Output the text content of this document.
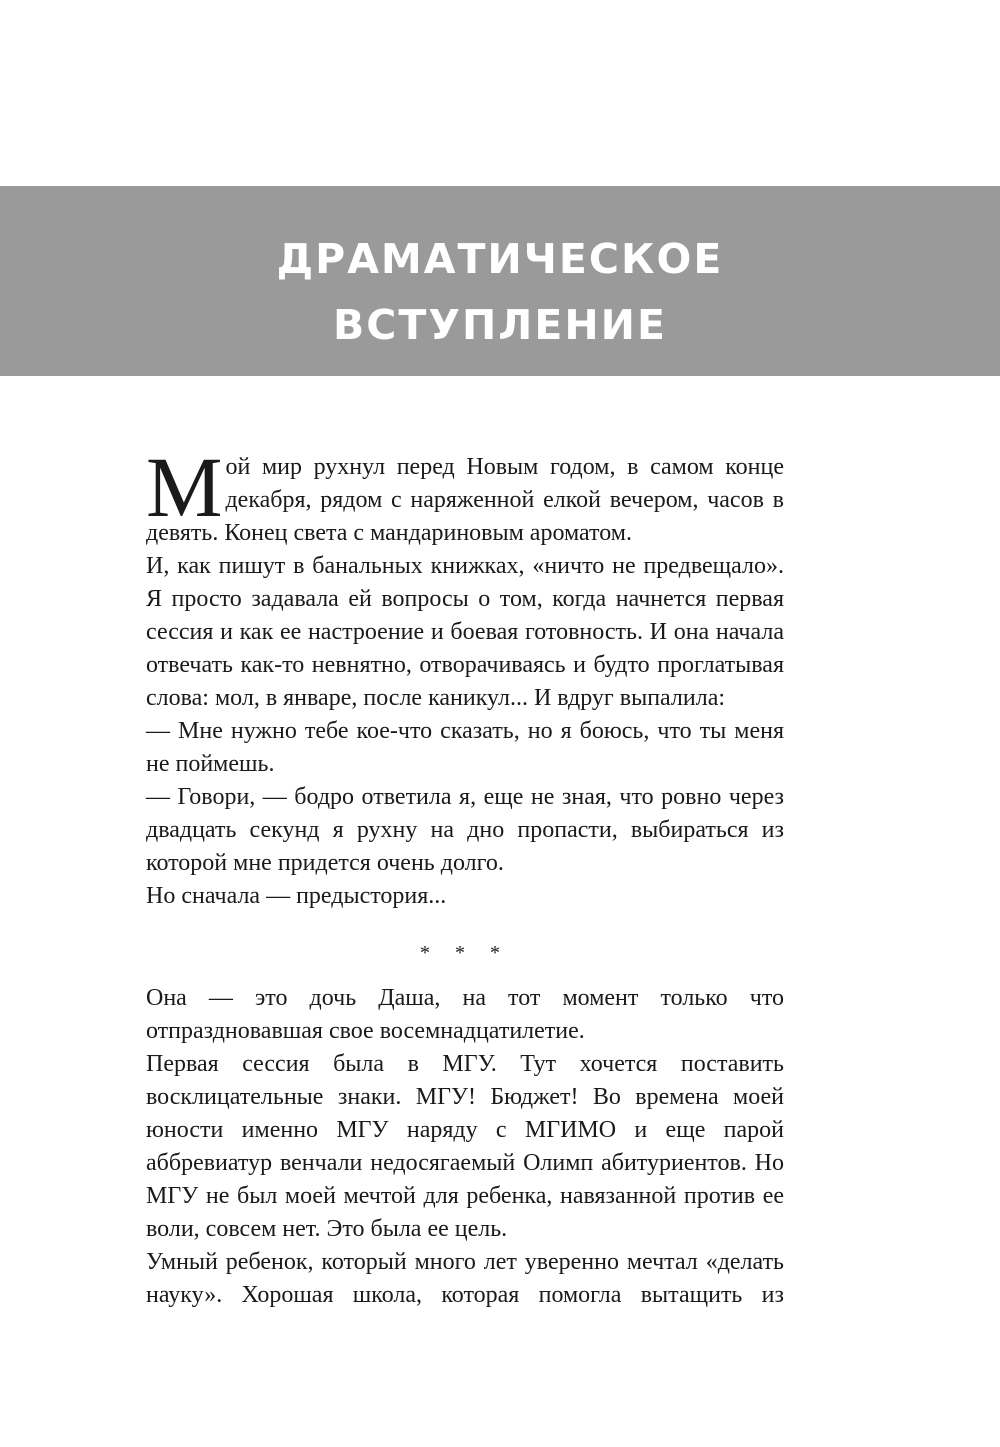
ДРАМАТИЧЕСКОЕ
ВСТУПЛЕНИЕ

Мой мир рухнул перед Новым годом, в самом конце декабря, рядом с наряженной елкой вечером, часов в девять. Конец света с мандариновым ароматом.

И, как пишут в банальных книжках, «ничто не предвещало». Я просто задавала ей вопросы о том, когда начнется первая сессия и как ее настроение и боевая готовность. И она начала отвечать как-то невнятно, отворачиваясь и будто проглатывая слова: мол, в январе, после каникул... И вдруг выпалила:

— Мне нужно тебе кое-что сказать, но я боюсь, что ты меня не поймешь.

— Говори, — бодро ответила я, еще не зная, что ровно через двадцать секунд я рухну на дно пропасти, выбираться из которой мне придется очень долго.

Но сначала — предыстория...

* * *

Она — это дочь Даша, на тот момент только что отпраздновавшая свое восемнадцатилетие.

Первая сессия была в МГУ. Тут хочется поставить восклицательные знаки. МГУ! Бюджет! Во времена моей юности именно МГУ наряду с МГИМО и еще парой аббревиатур венчали недосягаемый Олимп абитуриентов. Но МГУ не был моей мечтой для ребенка, навязанной против ее воли, совсем нет. Это была ее цель.

Умный ребенок, который много лет уверенно мечтал «делать науку». Хорошая школа, которая помогла вытащить из
